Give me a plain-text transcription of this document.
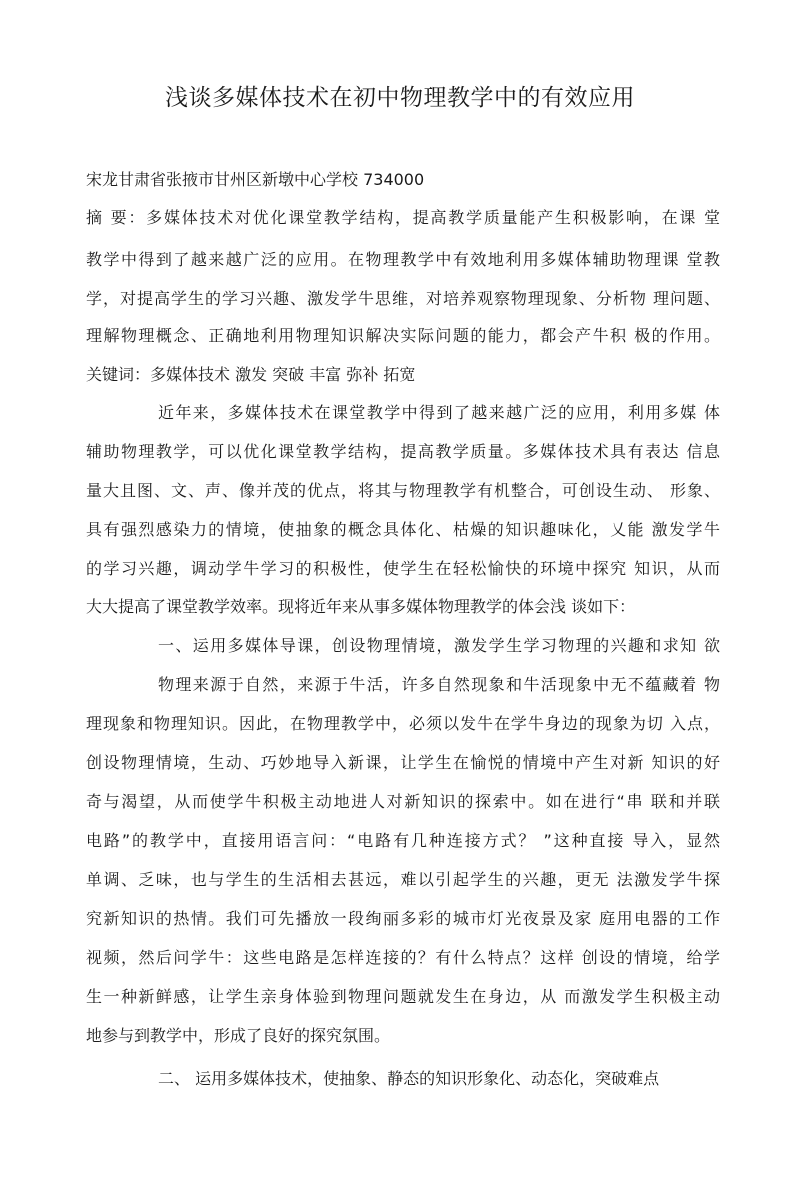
浅谈多媒体技术在初中物理教学中的有效应用
宋龙甘肃省张掖市甘州区新墩中心学校 734000
摘 要：多媒体技术对优化课堂教学结构，提高教学质量能产生积极影响，在课 堂
教学中得到了越来越广泛的应用。在物理教学中有效地利用多媒体辅助物理课 堂教
学，对提高学生的学习兴趣、激发学牛思维，对培养观察物理现象、分析物 理问题、
理解物理概念、正确地利用物理知识解决实际问题的能力，都会产牛积 极的作用。
关键词：多媒体技术 激发 突破 丰富 弥补 拓宽
近年来，多媒体技术在课堂教学中得到了越来越广泛的应用，利用多媒 体
辅助物理教学，可以优化课堂教学结构，提高教学质量。多媒体技术具有表达 信息
量大且图、文、声、像并茂的优点，将其与物理教学有机整合，可创设生动、 形象、
具有强烈感染力的情境，使抽象的概念具体化、枯燥的知识趣味化，乂能 激发学牛
的学习兴趣，调动学牛学习的积极性，使学生在轻松愉快的环境中探究 知识，从而
大大提高了课堂教学效率。现将近年来从事多媒体物理教学的体会浅 谈如下：
一、运用多媒体导课，创设物理情境，激发学生学习物理的兴趣和求知 欲
物理来源于自然，来源于牛活，许多自然现象和牛活现象中无不蕴藏着 物
理现象和物理知识。因此，在物理教学中，必须以发牛在学牛身边的现象为切 入点，
创设物理情境，生动、巧妙地导入新课，让学生在愉悦的情境中产生对新 知识的好
奇与渴望，从而使学牛积极主动地进人对新知识的探索中。如在进行“串 联和并联
电路”的教学中，直接用语言问：“电路有几种连接方式？ ”这种直接 导入，显然
单调、乏味，也与学生的生活相去甚远，难以引起学生的兴趣，更无 法激发学牛探
究新知识的热情。我们可先播放一段绚丽多彩的城市灯光夜景及家 庭用电器的工作
视频，然后问学牛：这些电路是怎样连接的？有什么特点？这样 创设的情境，给学
生一种新鲜感，让学生亲身体验到物理问题就发生在身边，从 而激发学生积极主动
地参与到教学中，形成了良好的探究氛围。
二、 运用多媒体技术，使抽象、静态的知识形象化、动态化，突破难点
